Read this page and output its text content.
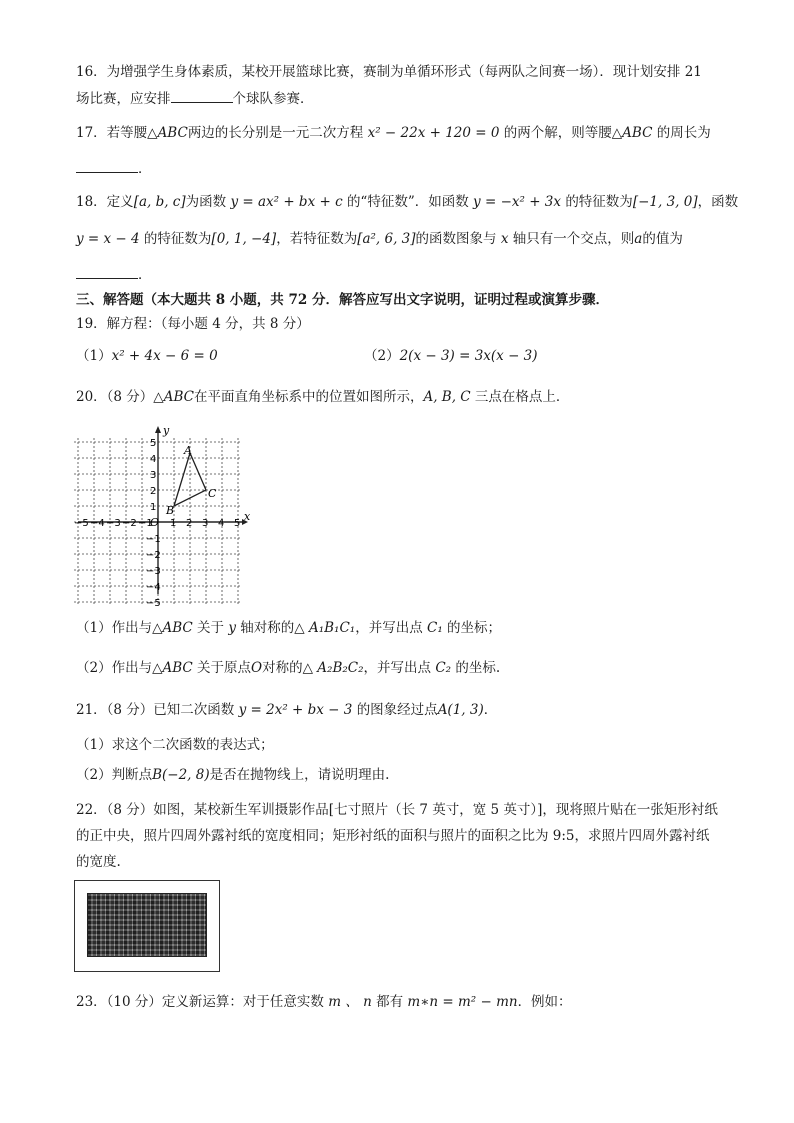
16．为增强学生身体素质，某校开展篮球比赛，赛制为单循环形式（每两队之间赛一场）．现计划安排 21
场比赛，应安排	个球队参赛．
17．若等腰△ABC两边的长分别是一元二次方程 x² − 22x + 120 = 0 的两个解，则等腰△ABC 的周长为
．
18．定义[a, b, c]为函数 y = ax² + bx + c 的“特征数”．如函数 y = −x² + 3x 的特征数为[−1, 3, 0]，函数
y = x − 4 的特征数为[0, 1, −4]，若特征数为[a², 6, 3]的函数图象与 x 轴只有一个交点，则a的值为
．
三、解答题（本大题共 8 小题，共 72 分．解答应写出文字说明，证明过程或演算步骤．
19．解方程：（每小题 4 分，共 8 分）
（1）x² + 4x − 6 = 0	（2）2(x − 3) = 3x(x − 3)
20．（8 分）△ABC在平面直角坐标系中的位置如图所示，A, B, C 三点在格点上．
x
y
O
−5 −4 −3 −2 −1 1 2 3 4 5
5
4
3
2
1
−1
−2
−3
−4
−5
A
B
C
（1）作出与△ABC 关于 y 轴对称的△ A₁B₁C₁，并写出点 C₁ 的坐标；
（2）作出与△ABC 关于原点O对称的△ A₂B₂C₂，并写出点 C₂ 的坐标.
21．（8 分）已知二次函数 y = 2x² + bx − 3 的图象经过点A(1, 3)．
（1）求这个二次函数的表达式；
（2）判断点B(−2, 8)是否在抛物线上，请说明理由.
22．（8 分）如图，某校新生军训摄影作品[七寸照片（长 7 英寸，宽 5 英寸）]，现将照片贴在一张矩形衬纸
的正中央，照片四周外露衬纸的宽度相同；矩形衬纸的面积与照片的面积之比为 9:5，求照片四周外露衬纸
的宽度.
23．（10 分）定义新运算：对于任意实数 m 、 n 都有 m∗n = m² − mn．例如：
